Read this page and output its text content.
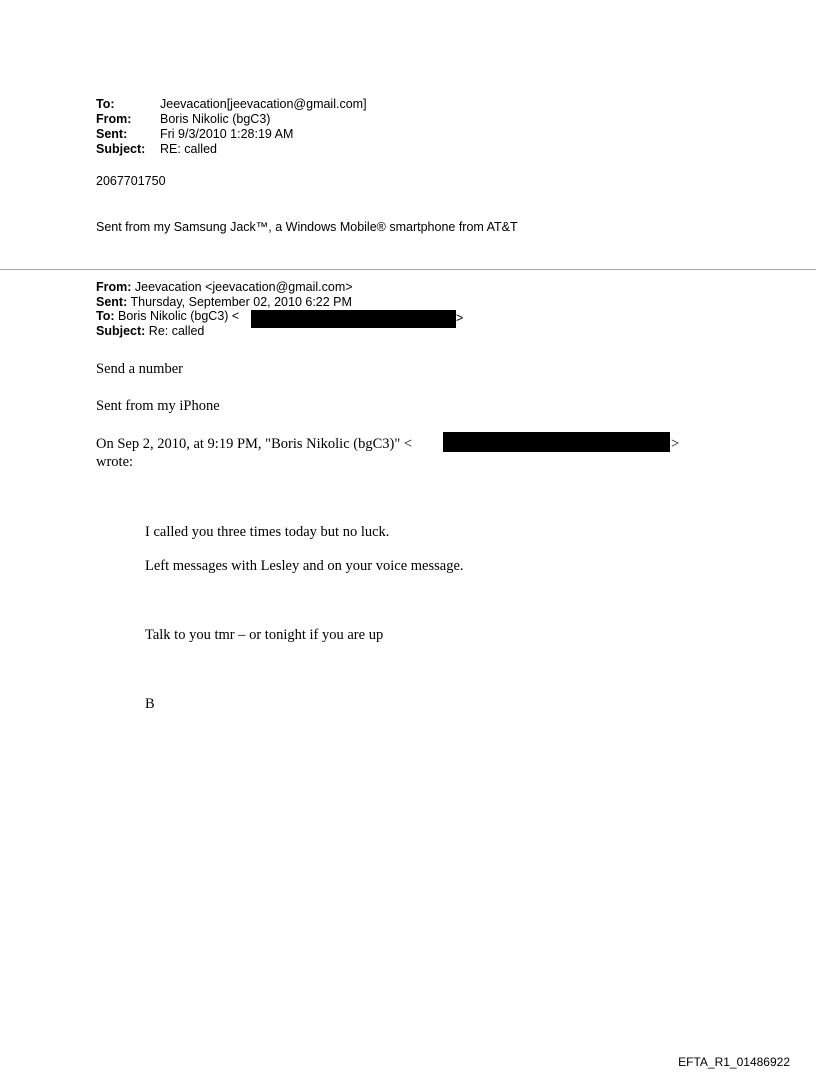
To:	Jeevacation[jeevacation@gmail.com]
From:	Boris Nikolic (bgC3)
Sent:	Fri 9/3/2010 1:28:19 AM
Subject:	RE: called
2067701750
Sent from my Samsung Jack™, a Windows Mobile® smartphone from AT&T
From: Jeevacation <jeevacation@gmail.com>
Sent: Thursday, September 02, 2010 6:22 PM
To: Boris Nikolic (bgC3) <
Subject: Re: called
>
Send a number
Sent from my iPhone
On Sep 2, 2010, at 9:19 PM, "Boris Nikolic (bgC3)" <	>
wrote:
I called you three times today but no luck.
Left messages with Lesley and on your voice message.
Talk to you tmr – or tonight if you are up
B
EFTA_R1_01486922
